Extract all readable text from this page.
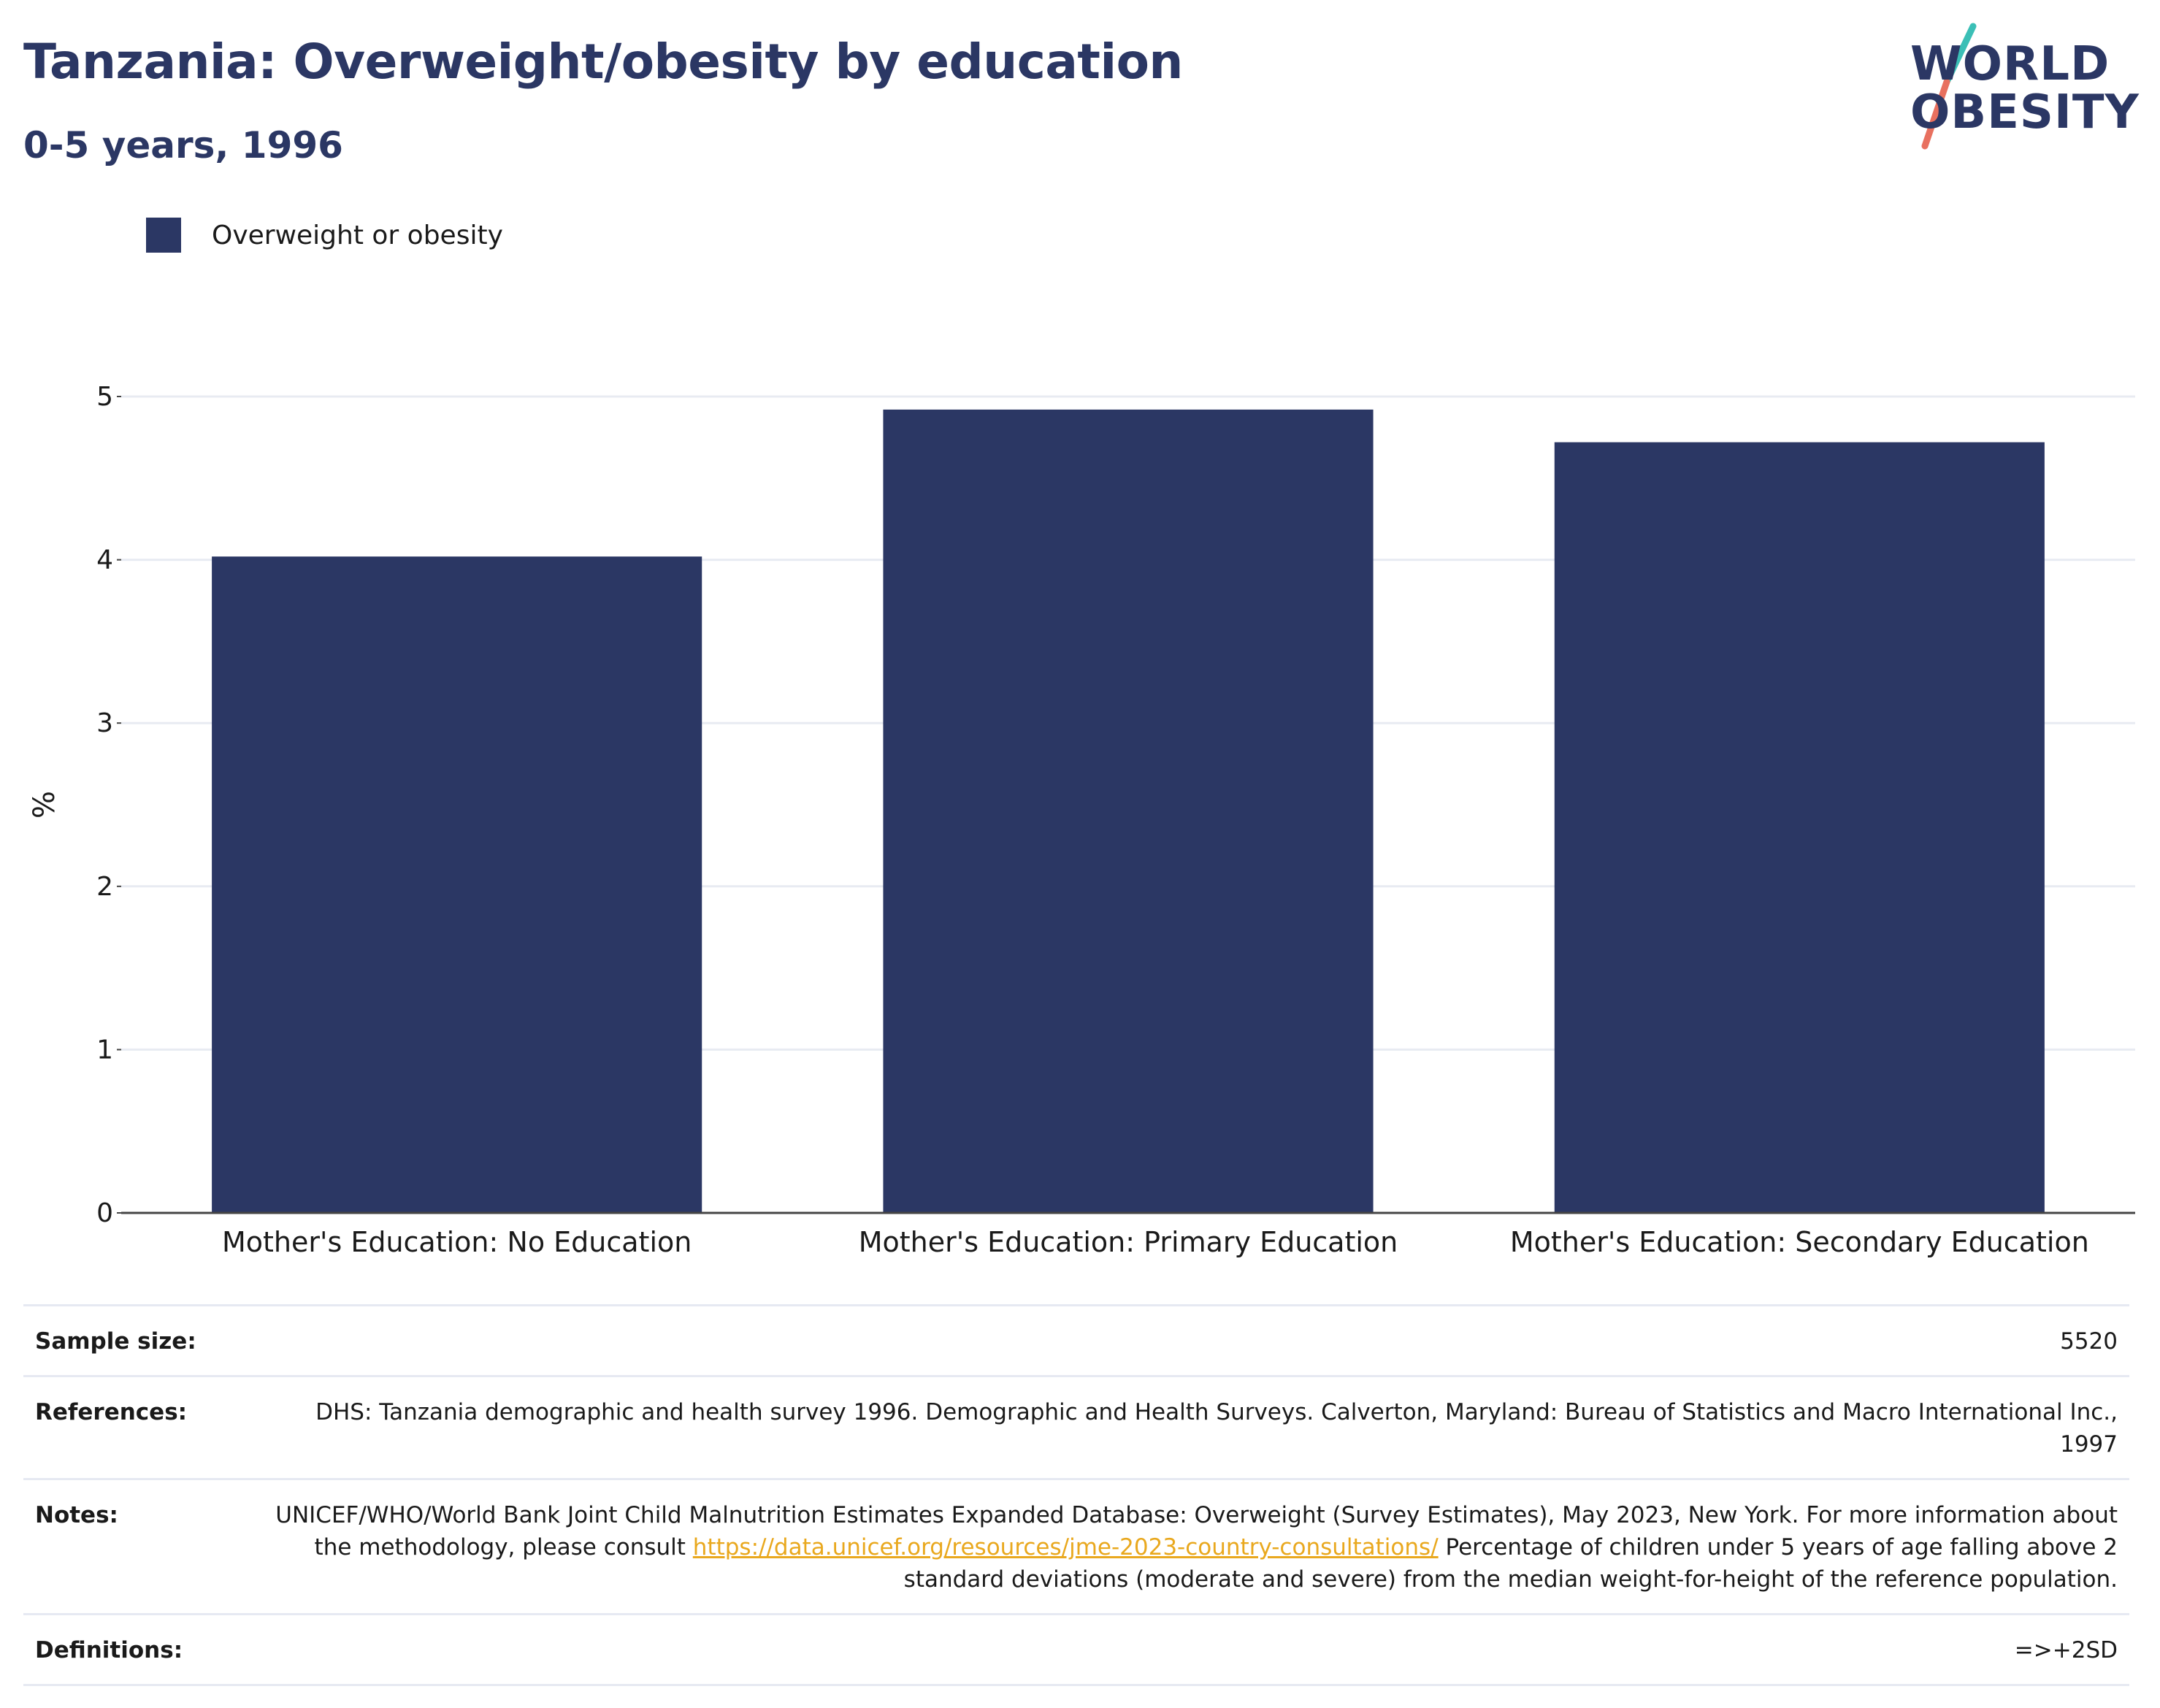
Tanzania: Overweight/obesity by education
0-5 years, 1996
WORLD
OBESITY
Overweight or obesity
0
1
2
3
4
5
Mother's Education: No Education	Mother's Education: Primary Education	Mother's Education: Secondary Education
%
Sample size:	5520
References:	DHS: Tanzania demographic and health survey 1996. Demographic and Health Surveys. Calverton, Maryland: Bureau of Statistics and Macro International Inc., 1997
Notes:	UNICEF/WHO/World Bank Joint Child Malnutrition Estimates Expanded Database: Overweight (Survey Estimates), May 2023, New York. For more information about the methodology, please consult https://data.unicef.org/resources/jme-2023-country-consultations/ Percentage of children under 5 years of age falling above 2 standard deviations (moderate and severe) from the median weight-for-height of the reference population.
Definitions:	=>+2SD
